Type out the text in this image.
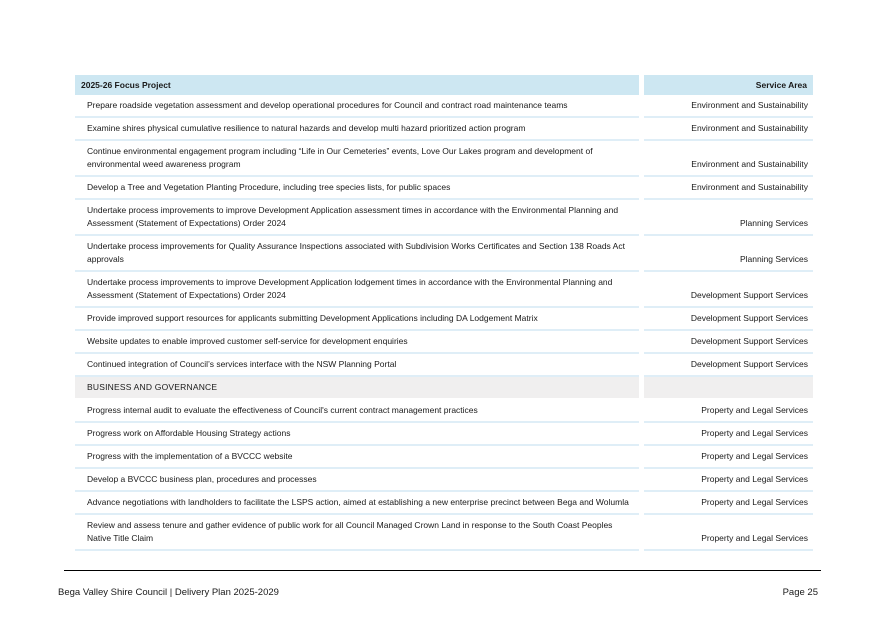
2025-26 Focus Project	Service Area
Prepare roadside vegetation assessment and develop operational procedures for Council and contract road maintenance teams	Environment and Sustainability
Examine shires physical cumulative resilience to natural hazards and develop multi hazard prioritized action program	Environment and Sustainability
Continue environmental engagement program including “Life in Our Cemeteries” events, Love Our Lakes program and development of environmental weed awareness program	Environment and Sustainability
Develop a Tree and Vegetation Planting Procedure, including tree species lists, for public spaces	Environment and Sustainability
Undertake process improvements to improve Development Application assessment times in accordance with the Environmental Planning and Assessment (Statement of Expectations) Order 2024	Planning Services
Undertake process improvements for Quality Assurance Inspections associated with Subdivision Works Certificates and Section 138 Roads Act approvals	Planning Services
Undertake process improvements to improve Development Application lodgement times in accordance with the Environmental Planning and Assessment (Statement of Expectations) Order 2024	Development Support Services
Provide improved support resources for applicants submitting Development Applications including DA Lodgement Matrix	Development Support Services
Website updates to enable improved customer self-service for development enquiries	Development Support Services
Continued integration of Council’s services interface with the NSW Planning Portal	Development Support Services
BUSINESS AND GOVERNANCE
Progress internal audit to evaluate the effectiveness of Council's current contract management practices	Property and Legal Services
Progress work on Affordable Housing Strategy actions	Property and Legal Services
Progress with the implementation of a BVCCC website	Property and Legal Services
Develop a BVCCC business plan, procedures and processes	Property and Legal Services
Advance negotiations with landholders to facilitate the LSPS action, aimed at establishing a new enterprise precinct between Bega and Wolumla	Property and Legal Services
Review and assess tenure and gather evidence of public work for all Council Managed Crown Land in response to the South Coast Peoples Native Title Claim	Property and Legal Services
Bega Valley Shire Council | Delivery Plan 2025-2029	Page 25
